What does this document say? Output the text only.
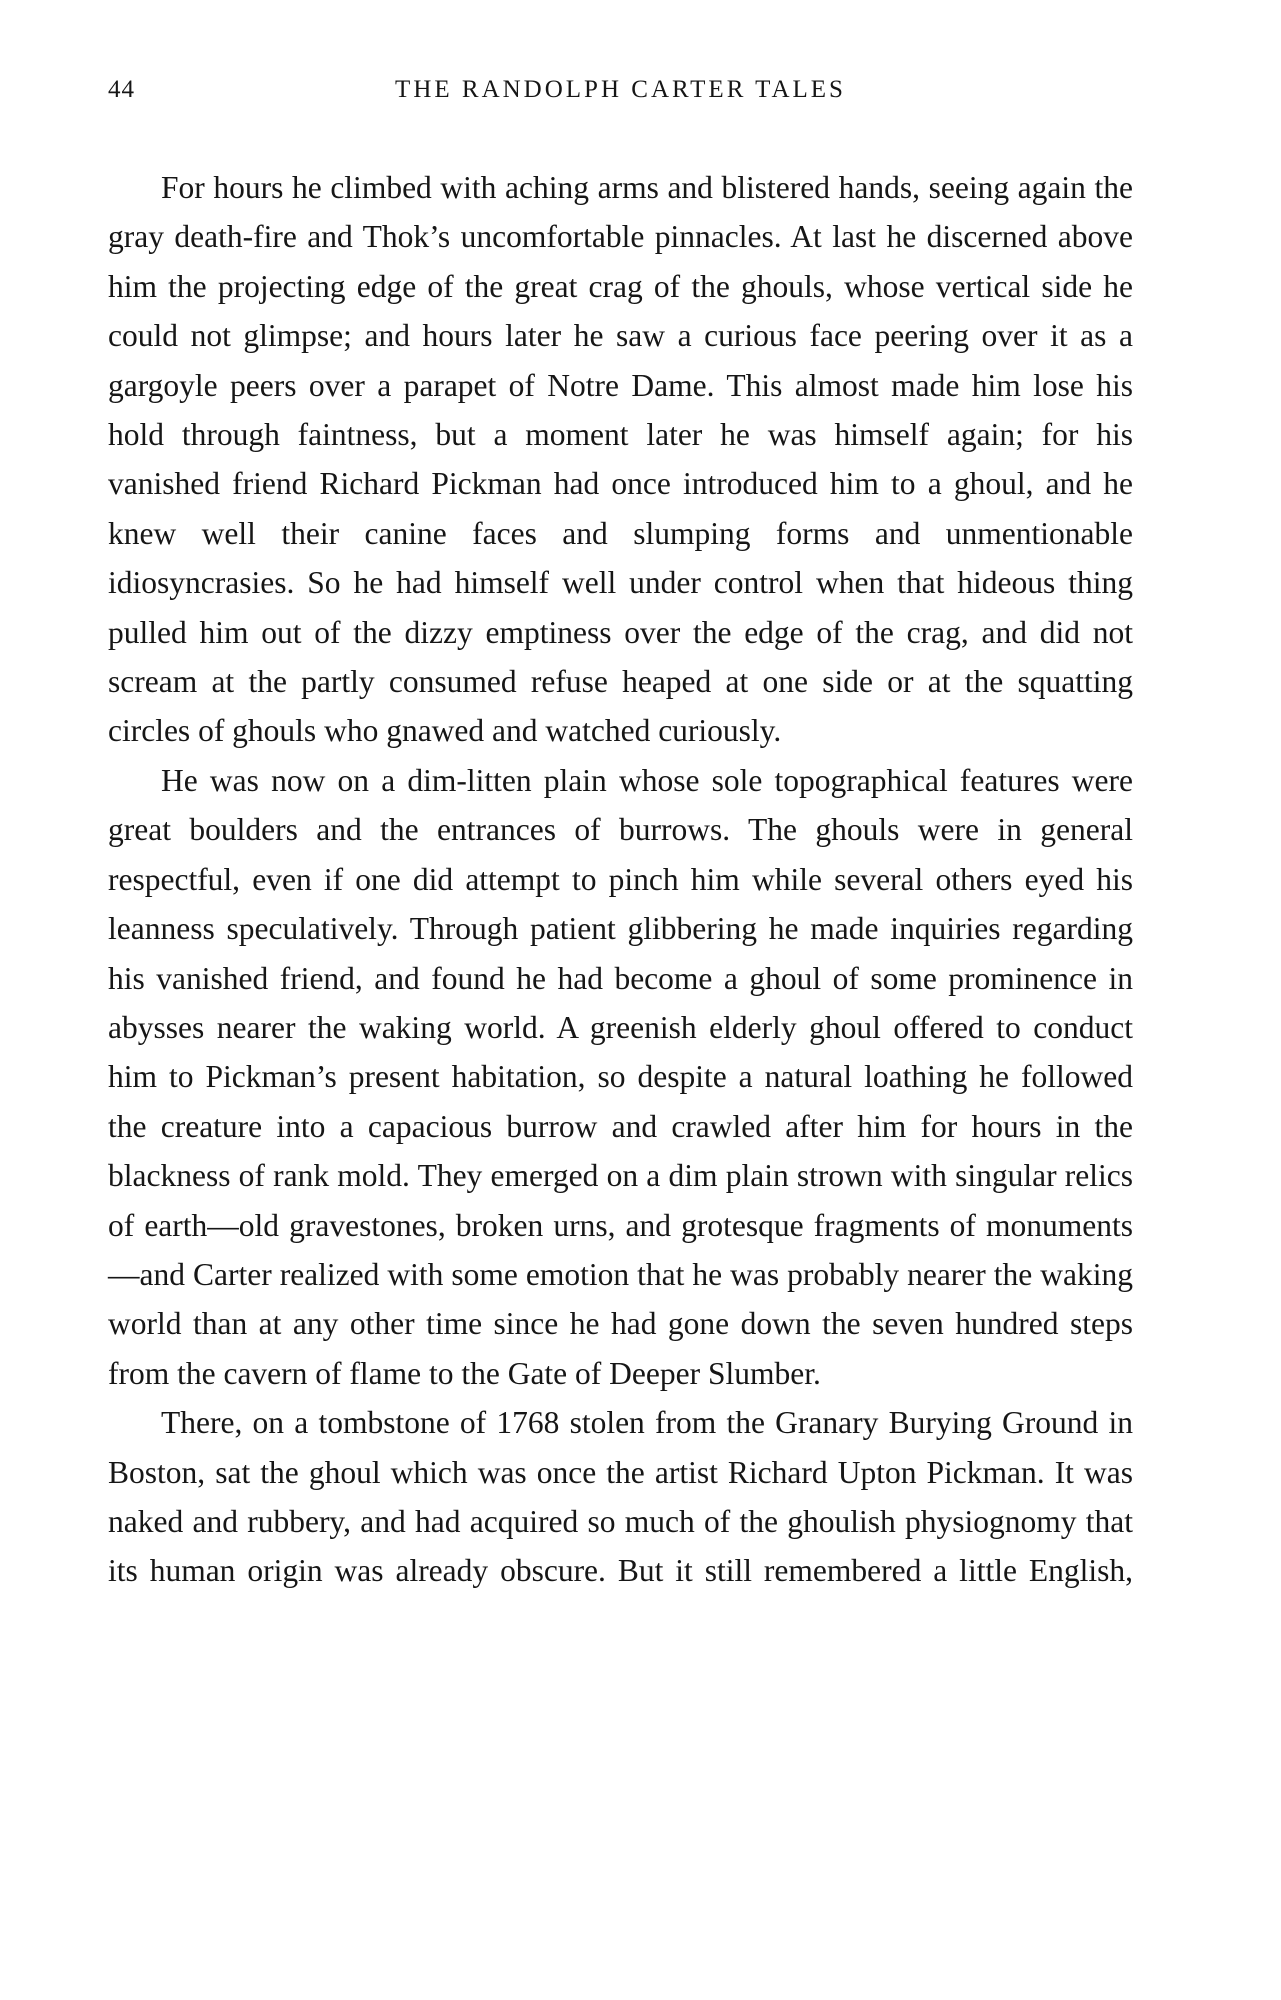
44	THE RANDOLPH CARTER TALES

For hours he climbed with aching arms and blistered hands, seeing again the gray death-fire and Thok’s uncomfortable pinnacles. At last he discerned above him the projecting edge of the great crag of the ghouls, whose vertical side he could not glimpse; and hours later he saw a curious face peering over it as a gargoyle peers over a parapet of Notre Dame. This almost made him lose his hold through faintness, but a moment later he was himself again; for his vanished friend Richard Pickman had once introduced him to a ghoul, and he knew well their canine faces and slumping forms and unmentionable idiosyncrasies. So he had himself well under control when that hideous thing pulled him out of the dizzy emptiness over the edge of the crag, and did not scream at the partly consumed refuse heaped at one side or at the squatting circles of ghouls who gnawed and watched curiously.

He was now on a dim-litten plain whose sole topographical features were great boulders and the entrances of burrows. The ghouls were in general respectful, even if one did attempt to pinch him while several others eyed his leanness speculatively. Through patient glibbering he made inquiries regarding his vanished friend, and found he had become a ghoul of some prominence in abysses nearer the waking world. A greenish elderly ghoul offered to conduct him to Pickman’s present habitation, so despite a natural loathing he followed the creature into a capacious burrow and crawled after him for hours in the blackness of rank mold. They emerged on a dim plain strown with singular relics of earth—old gravestones, broken urns, and grotesque fragments of monuments—and Carter realized with some emotion that he was probably nearer the waking world than at any other time since he had gone down the seven hundred steps from the cavern of flame to the Gate of Deeper Slumber.

There, on a tombstone of 1768 stolen from the Granary Burying Ground in Boston, sat the ghoul which was once the artist Richard Upton Pickman. It was naked and rubbery, and had acquired so much of the ghoulish physiognomy that its human origin was already obscure. But it still remembered a little English,
